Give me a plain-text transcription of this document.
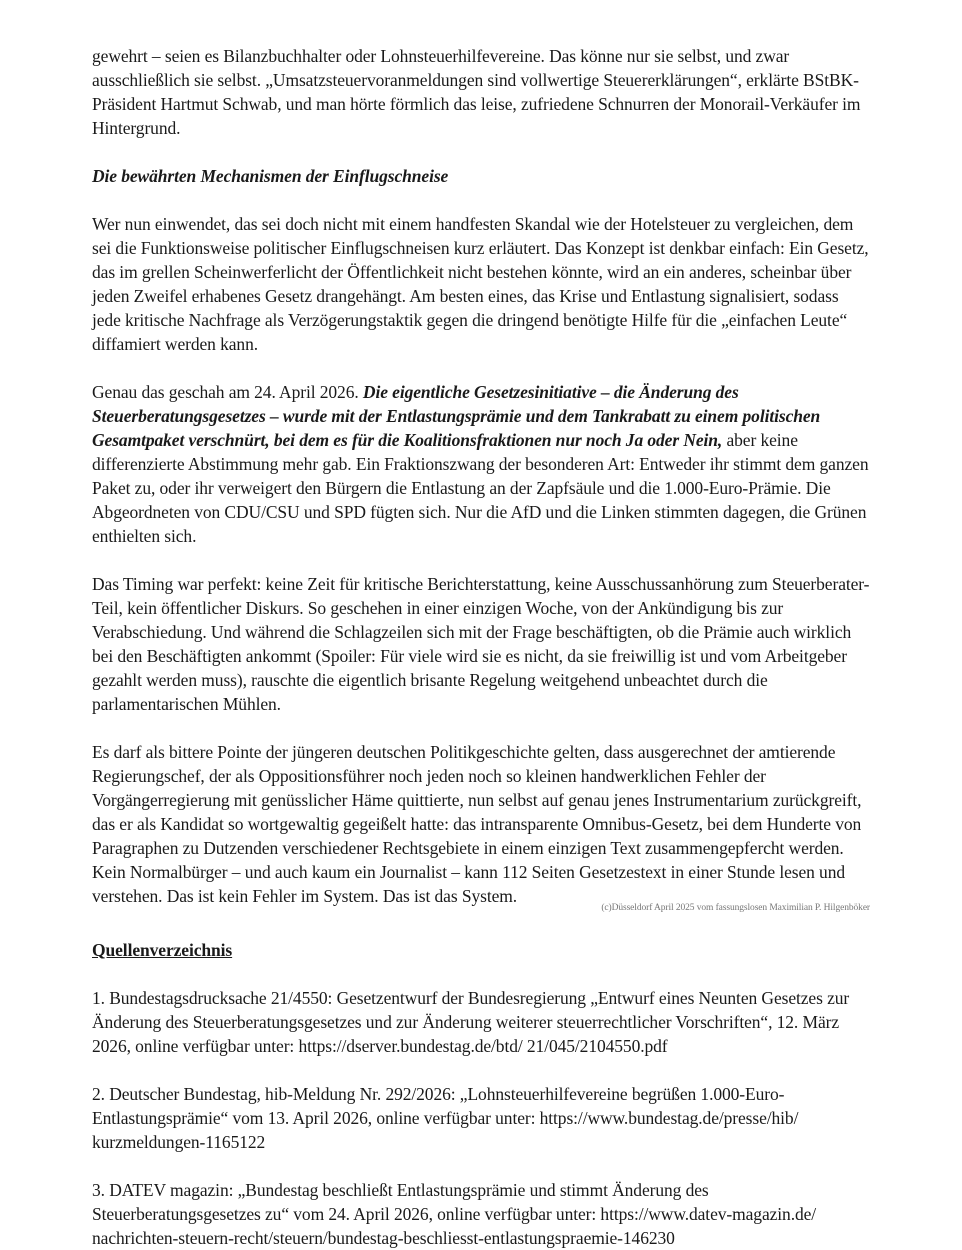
gewehrt – seien es Bilanzbuchhalter oder Lohnsteuerhilfevereine. Das könne nur sie selbst, und zwar ausschließlich sie selbst. „Umsatzsteuervoranmeldungen sind vollwertige Steuererklärungen“, erklärte BStBK-Präsident Hartmut Schwab, und man hörte förmlich das leise, zufriedene Schnurren der Monorail-Verkäufer im Hintergrund.

Die bewährten Mechanismen der Einflugschneise

Wer nun einwendet, das sei doch nicht mit einem handfesten Skandal wie der Hotelsteuer zu vergleichen, dem sei die Funktionsweise politischer Einflugschneisen kurz erläutert. Das Konzept ist denkbar einfach: Ein Gesetz, das im grellen Scheinwerferlicht der Öffentlichkeit nicht bestehen könnte, wird an ein anderes, scheinbar über jeden Zweifel erhabenes Gesetz drangehängt. Am besten eines, das Krise und Entlastung signalisiert, sodass jede kritische Nachfrage als Verzögerungstaktik gegen die dringend benötigte Hilfe für die „einfachen Leute“ diffamiert werden kann.

Genau das geschah am 24. April 2026. Die eigentliche Gesetzesinitiative – die Änderung des Steuerberatungsgesetzes – wurde mit der Entlastungsprämie und dem Tankrabatt zu einem politischen Gesamtpaket verschnürt, bei dem es für die Koalitionsfraktionen nur noch Ja oder Nein, aber keine differenzierte Abstimmung mehr gab. Ein Fraktionszwang der besonderen Art: Entweder ihr stimmt dem ganzen Paket zu, oder ihr verweigert den Bürgern die Entlastung an der Zapfsäule und die 1.000-Euro-Prämie. Die Abgeordneten von CDU/CSU und SPD fügten sich. Nur die AfD und die Linken stimmten dagegen, die Grünen enthielten sich.

Das Timing war perfekt: keine Zeit für kritische Berichterstattung, keine Ausschussanhörung zum Steuerberater-Teil, kein öffentlicher Diskurs. So geschehen in einer einzigen Woche, von der Ankündigung bis zur Verabschiedung. Und während die Schlagzeilen sich mit der Frage beschäftigten, ob die Prämie auch wirklich bei den Beschäftigten ankommt (Spoiler: Für viele wird sie es nicht, da sie freiwillig ist und vom Arbeitgeber gezahlt werden muss), rauschte die eigentlich brisante Regelung weitgehend unbeachtet durch die parlamentarischen Mühlen.

Es darf als bittere Pointe der jüngeren deutschen Politikgeschichte gelten, dass ausgerechnet der amtierende Regierungschef, der als Oppositionsführer noch jeden noch so kleinen handwerklichen Fehler der Vorgängerregierung mit genüsslicher Häme quittierte, nun selbst auf genau jenes Instrumentarium zurückgreift, das er als Kandidat so wortgewaltig gegeißelt hatte: das intransparente Omnibus-Gesetz, bei dem Hunderte von Paragraphen zu Dutzenden verschiedener Rechtsgebiete in einem einzigen Text zusammengepfercht werden. Kein Normalbürger – und auch kaum ein Journalist – kann 112 Seiten Gesetzestext in einer Stunde lesen und verstehen. Das ist kein Fehler im System. Das ist das System.

(c)Düsseldorf April 2025 vom fassungslosen Maximilian P. Hilgenböker

Quellenverzeichnis

1. Bundestagsdrucksache 21/4550: Gesetzentwurf der Bundesregierung „Entwurf eines Neunten Gesetzes zur Änderung des Steuerberatungsgesetzes und zur Änderung weiterer steuerrechtlicher Vorschriften“, 12. März 2026, online verfügbar unter: https://dserver.bundestag.de/btd/ 21/045/2104550.pdf

2. Deutscher Bundestag, hib-Meldung Nr. 292/2026: „Lohnsteuerhilfevereine begrüßen 1.000-Euro-Entlastungsprämie“ vom 13. April 2026, online verfügbar unter: https://www.bundestag.de/presse/hib/ kurzmeldungen-1165122

3. DATEV magazin: „Bundestag beschließt Entlastungsprämie und stimmt Änderung des Steuerberatungsgesetzes zu“ vom 24. April 2026, online verfügbar unter: https://www.datev-magazin.de/ nachrichten-steuern-recht/steuern/bundestag-beschliesst-entlastungspraemie-146230
